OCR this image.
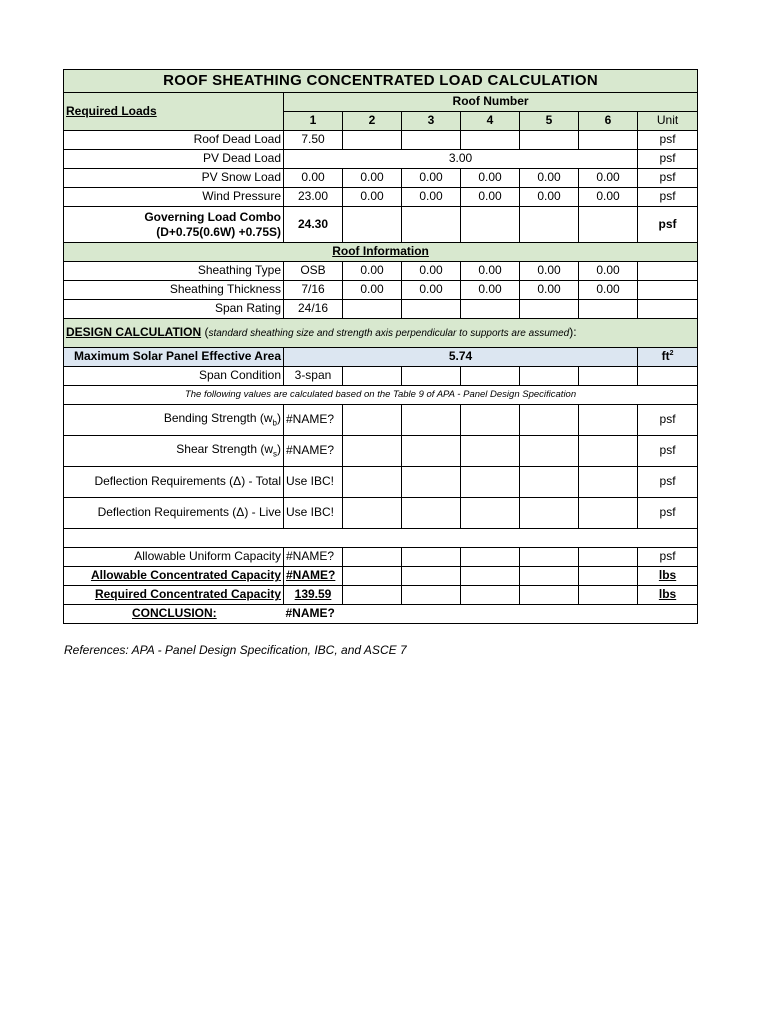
ROOF SHEATHING CONCENTRATED LOAD CALCULATION							
Required Loads	Roof Number						
	1	2	3	4	5	6	Unit
Roof Dead Load	7.50						psf
PV Dead Load	3.00						psf
PV Snow Load	0.00	0.00	0.00	0.00	0.00	0.00	psf
Wind Pressure	23.00	0.00	0.00	0.00	0.00	0.00	psf
Governing Load Combo (D+0.75(0.6W) +0.75S)	24.30						psf
Roof Information							
Sheathing Type	OSB	0.00	0.00	0.00	0.00	0.00	
Sheathing Thickness	7/16	0.00	0.00	0.00	0.00	0.00	
Span Rating	24/16						
DESIGN CALCULATION (standard sheathing size and strength axis perpendicular to supports are assumed):							
Maximum Solar Panel Effective Area	5.74						$ft^2$
Span Condition	3-span						
The following values are calculated based on the Table 9 of APA - Panel Design Specification							
Bending Strength $(w_b)$	#NAME?						psf
Shear Strength $(w_s)$	#NAME?						psf
Deflection Requirements (Δ) - Total	Use IBC!						psf
Deflection Requirements (Δ) - Live	Use IBC!						psf

Allowable Uniform Capacity	#NAME?						psf
Allowable Concentrated Capacity	#NAME?						lbs
Required Concentrated Capacity	139.59						lbs
CONCLUSION:	#NAME?						
References: APA - Panel Design Specification, IBC, and ASCE 7
